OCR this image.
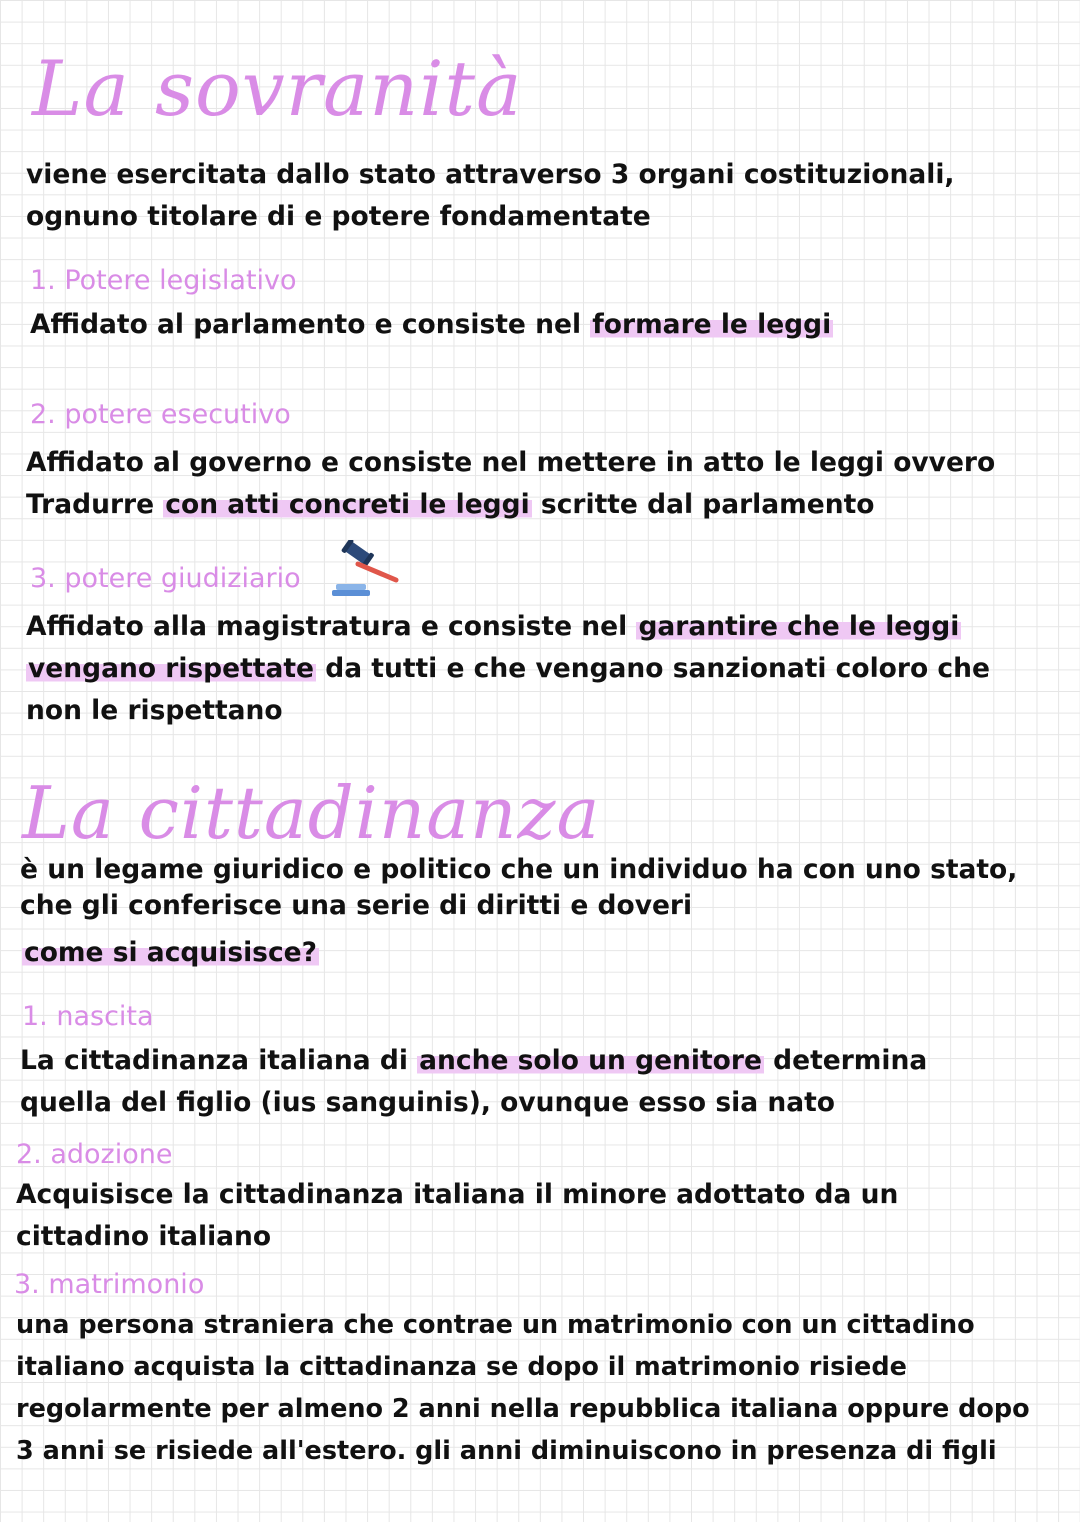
La sovranità
viene esercitata dallo stato attraverso 3 organi costituzionali,
ognuno titolare di e potere fondamentate
1. Potere legislativo
Affidato al parlamento e consiste nel formare le leggi
2. potere esecutivo
Affidato al governo e consiste nel mettere in atto le leggi ovvero
Tradurre con atti concreti le leggi scritte dal parlamento
3. potere giudiziario
Affidato alla magistratura e consiste nel garantire che le leggi
vengano rispettate da tutti e che vengano sanzionati coloro che
non le rispettano
La cittadinanza
è un legame giuridico e politico che un individuo ha con uno stato,
che gli conferisce una serie di diritti e doveri
come si acquisisce?
1. nascita
La cittadinanza italiana di anche solo un genitore determina
quella del figlio (ius sanguinis), ovunque esso sia nato
2. adozione
Acquisisce la cittadinanza italiana il minore adottato da un
cittadino italiano
3. matrimonio
una persona straniera che contrae un matrimonio con un cittadino
italiano acquista la cittadinanza se dopo il matrimonio risiede
regolarmente per almeno 2 anni nella repubblica italiana oppure dopo
3 anni se risiede all'estero. gli anni diminuiscono in presenza di figli
